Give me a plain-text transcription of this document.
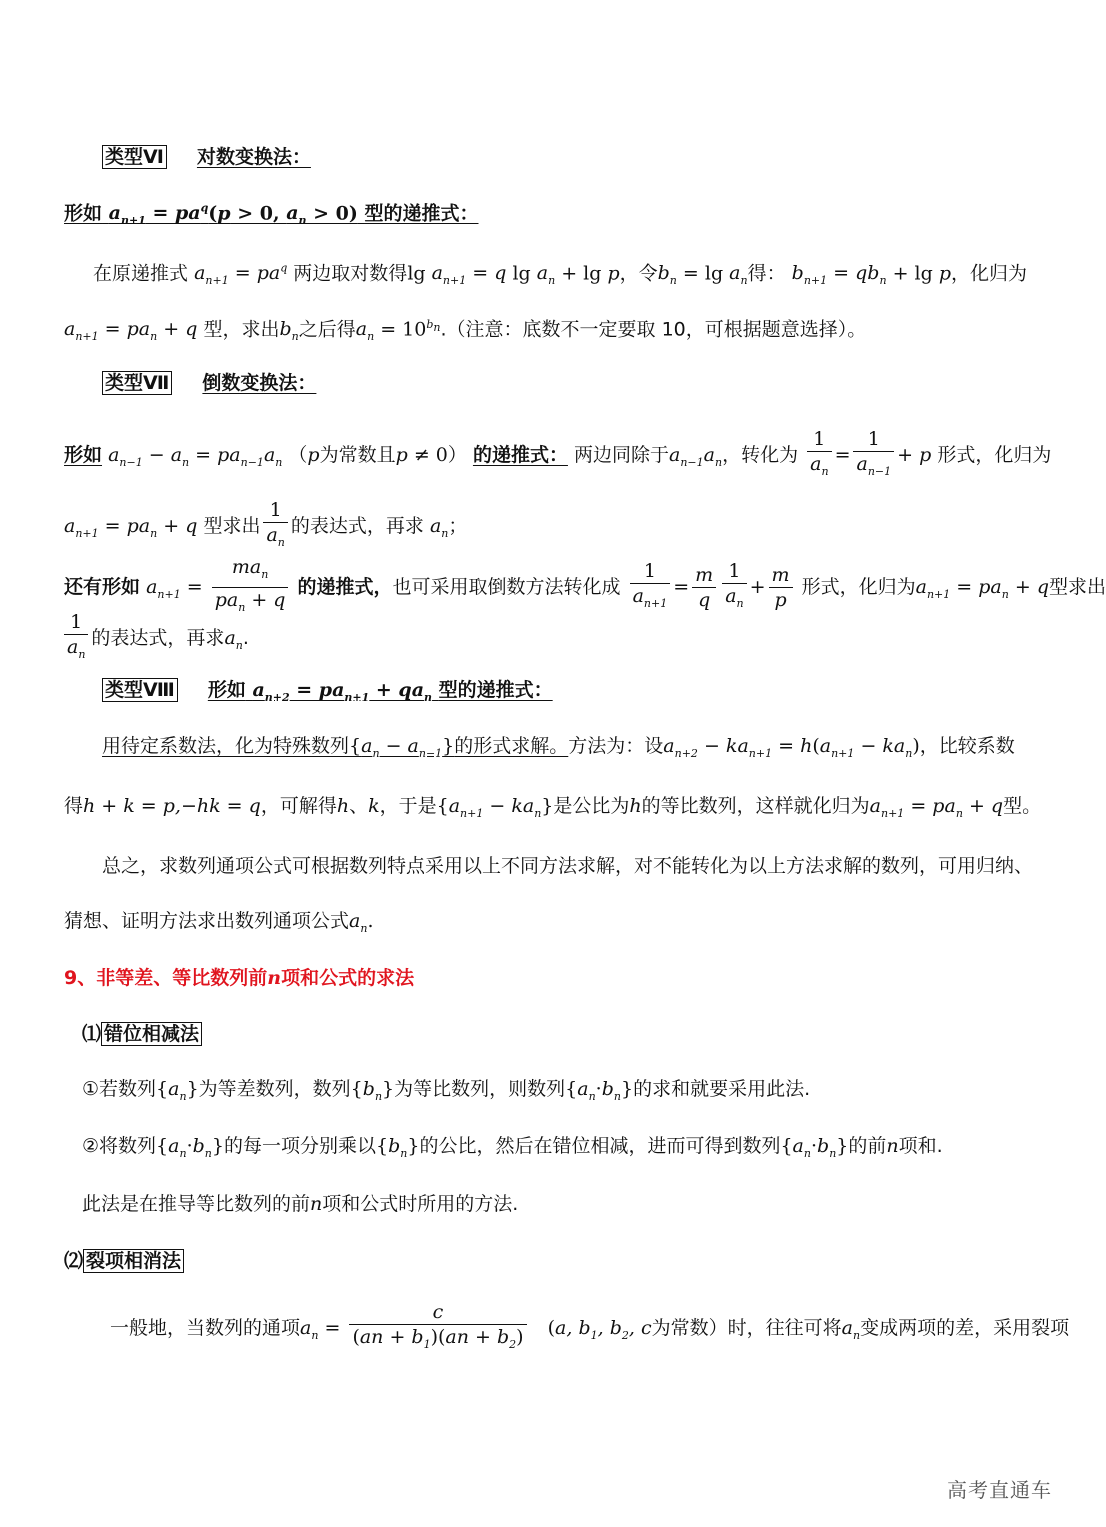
类型Ⅵ 对数变换法：
形如 $a_{n+1} = pa^q(p > 0$, $a_n > 0$) 型的递推式：
在原递推式 $a_{n+1} = pa^q$ 两边取对数得$\lg a_{n+1} = q$ $\lg a_n + \lg p$，令$b_n = \lg a_n$得： $b_{n+1} = qb_n + \lg p$，化归为
$a_{n+1} = pa_n + q$ 型，求出$b_n$之后得$a_n = 10^{b_n}$.（注意：底数不一定要取 10，可根据题意选择）。
类型Ⅶ 倒数变换法：
形如 $a_{n-1} - a_n = pa_{n-1}a_n$ （p为常数且p ≠ 0） 的递推式： 两边同除于$a_{n-1}a_n$，转化为 $\frac{1}{a_n} = \frac{1}{a_{n-1}} + p$ 形式，化归为
$a_{n+1} = pa_n + q$ 型求出 $\frac{1}{a_n}$ 的表达式，再求 $a_n$；
还有形如 $a_{n+1} = \frac{ma_n}{pa_n + q}$ 的递推式，也可采用取倒数方法转化成 $\frac{1}{a_{n+1}} = \frac{m}{q} \frac{1}{a_n} + \frac{m}{p}$ 形式，化归为$a_{n+1} = pa_n + q$型求出
$\frac{1}{a_n}$ 的表达式，再求$a_n$.
类型Ⅷ 形如 $a_{n+2} = pa_{n+1} + qa_n$ 型的递推式：
用待定系数法，化为特殊数列$\{a_n - a_{n-1}\}$的形式求解。方法为：设$a_{n+2} - ka_{n+1} = h(a_{n+1} - ka_n)$，比较系数
得h + k = p,−hk = q，可解得h、k，于是$\{a_{n+1} - ka_n\}$是公比为h的等比数列，这样就化归为$a_{n+1} = pa_n + q$型。
总之，求数列通项公式可根据数列特点采用以上不同方法求解，对不能转化为以上方法求解的数列，可用归纳、
猜想、证明方法求出数列通项公式$a_n$.
9、非等差、等比数列前n项和公式的求法
⑴ 错位相减法
①若数列$\{a_n\}$为等差数列，数列$\{b_n\}$为等比数列，则数列$\{a_n\cdot b_n\}$的求和就要采用此法.
②将数列$\{a_n\cdot b_n\}$的每一项分别乘以$\{b_n\}$的公比，然后在错位相减，进而可得到数列$\{a_n\cdot b_n\}$的前n项和.
此法是在推导等比数列的前n项和公式时所用的方法.
⑵ 裂项相消法
一般地，当数列的通项$a_n = \frac{c}{(an + b_1)(an + b_2)} (a$, $b_1$, $b_2$, c为常数）时，往往可将$a_n$变成两项的差，采用裂项
高考直通车
